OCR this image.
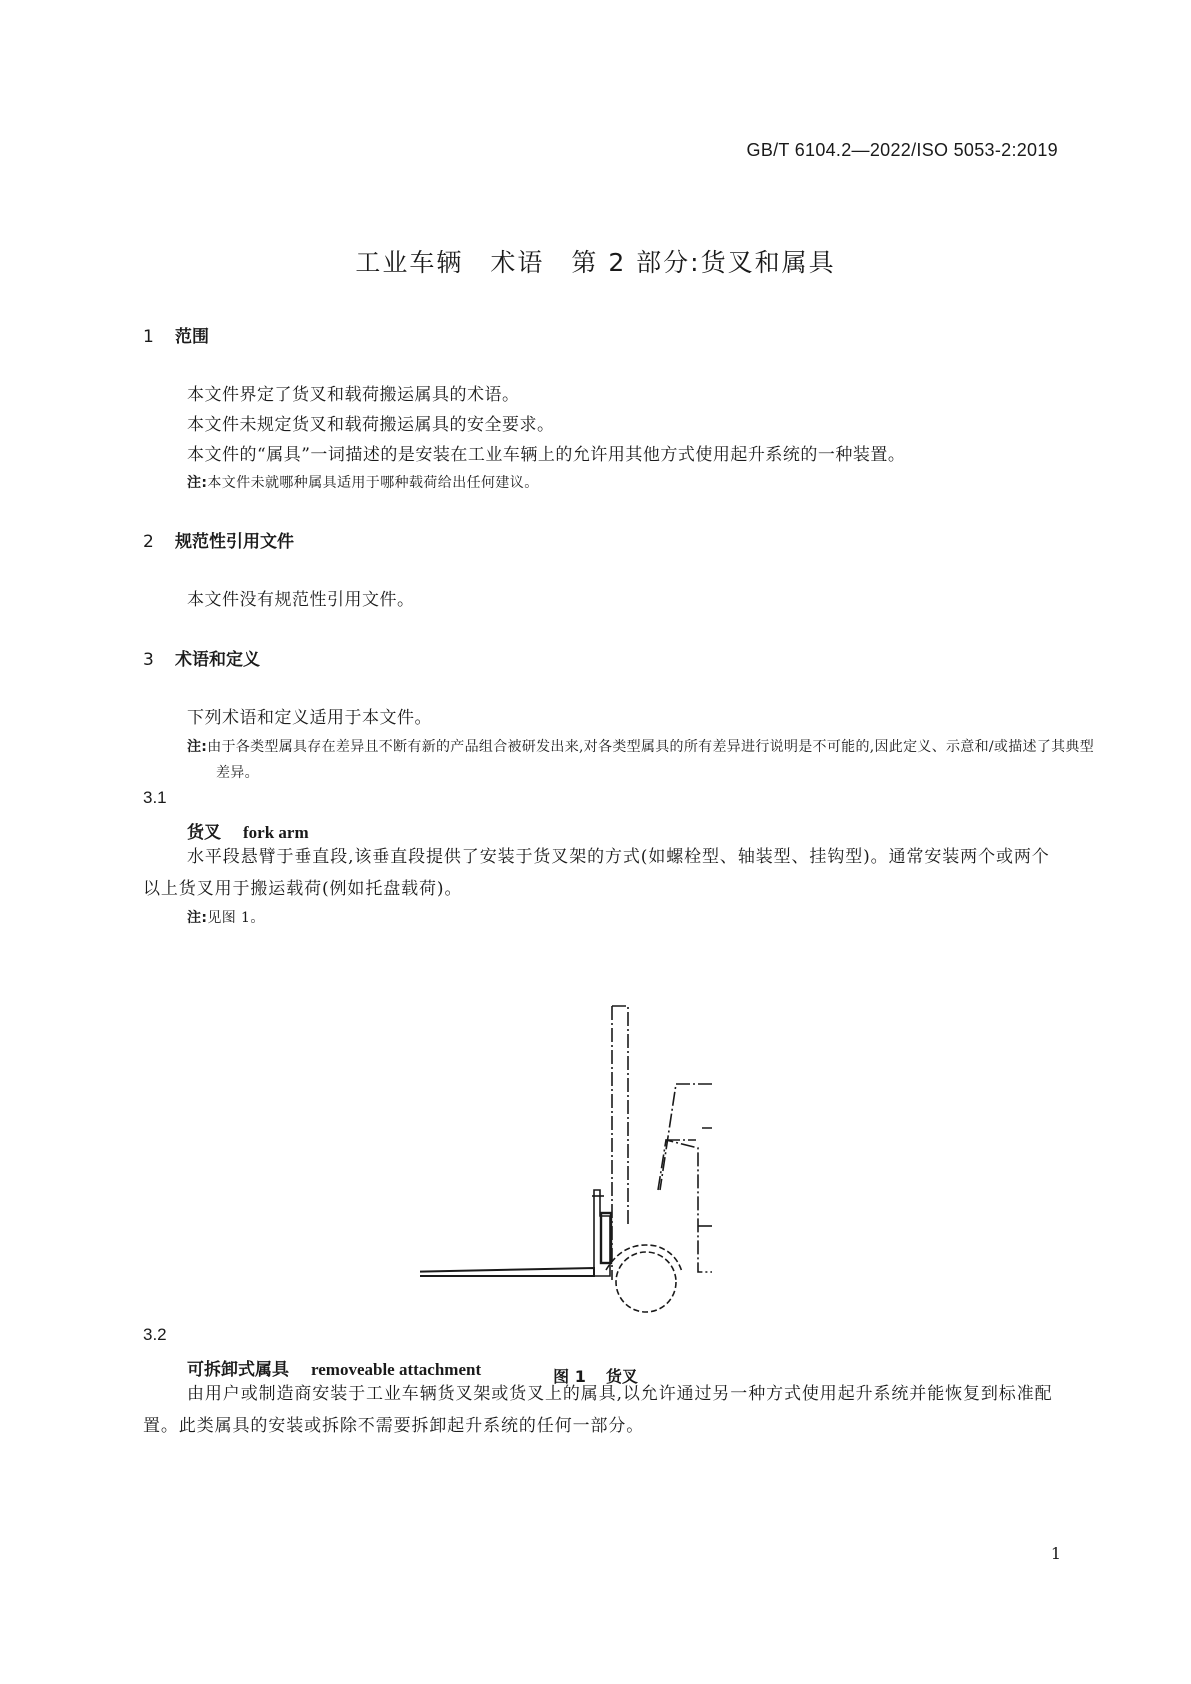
GB/T 6104.2—2022/ISO 5053-2:2019
工业车辆　术语　第 2 部分:货叉和属具
1 范围
本文件界定了货叉和载荷搬运属具的术语。
本文件未规定货叉和载荷搬运属具的安全要求。
本文件的“属具”一词描述的是安装在工业车辆上的允许用其他方式使用起升系统的一种装置。
注:本文件未就哪种属具适用于哪种载荷给出任何建议。
2 规范性引用文件
本文件没有规范性引用文件。
3 术语和定义
下列术语和定义适用于本文件。
注:由于各类型属具存在差异且不断有新的产品组合被研发出来,对各类型属具的所有差异进行说明是不可能的,因此定义、示意和/或描述了其典型差异。
3.1
货叉 fork arm
水平段悬臂于垂直段,该垂直段提供了安装于货叉架的方式(如螺栓型、轴装型、挂钩型)。通常安装两个或两个以上货叉用于搬运载荷(例如托盘载荷)。
注:见图 1。
图 1 货叉
3.2
可拆卸式属具 removeable attachment
由用户或制造商安装于工业车辆货叉架或货叉上的属具,以允许通过另一种方式使用起升系统并能恢复到标准配置。此类属具的安装或拆除不需要拆卸起升系统的任何一部分。
1
